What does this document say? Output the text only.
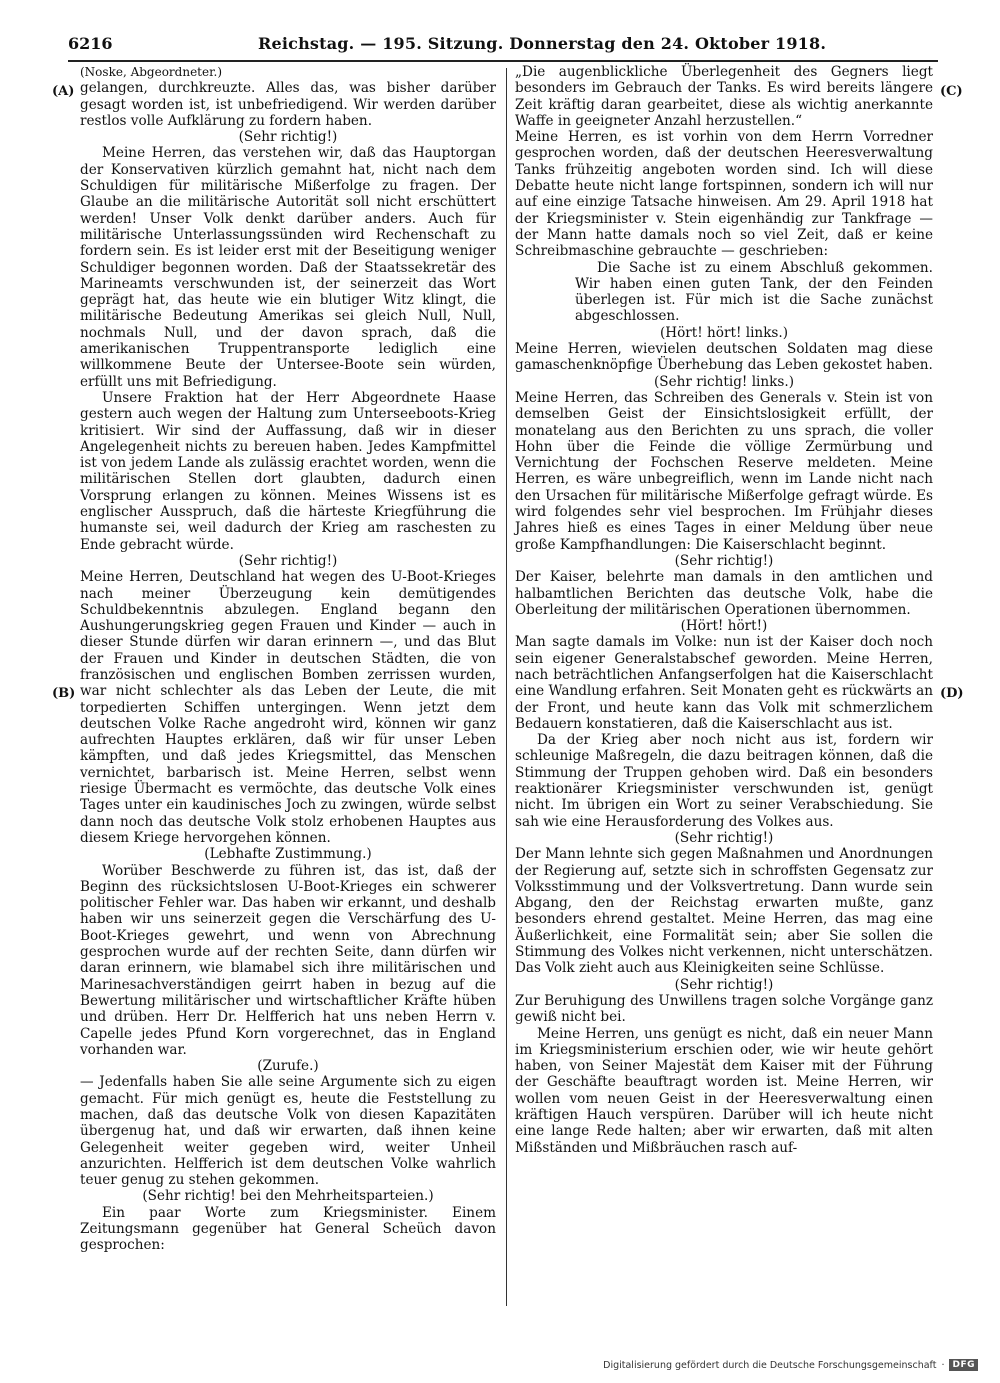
6216	Reichstag. — 195. Sitzung. Donnerstag den 24. Oktober 1918.
(A)
(B)
(C)
(D)

(Noske, Abgeordneter.)

gelangen, durchkreuzte. Alles das, was bisher darüber gesagt worden ist, ist unbefriedigend. Wir werden darüber restlos volle Aufklärung zu fordern haben.

(Sehr richtig!)

Meine Herren, das verstehen wir, daß das Hauptorgan der Konservativen kürzlich gemahnt hat, nicht nach dem Schuldigen für militärische Mißerfolge zu fragen. Der Glaube an die militärische Autorität soll nicht erschüttert werden! Unser Volk denkt darüber anders. Auch für militärische Unterlassungssünden wird Rechenschaft zu fordern sein. Es ist leider erst mit der Beseitigung weniger Schuldiger begonnen worden. Daß der Staatssekretär des Marineamts verschwunden ist, der seinerzeit das Wort geprägt hat, das heute wie ein blutiger Witz klingt, die militärische Bedeutung Amerikas sei gleich Null, Null, nochmals Null, und der davon sprach, daß die amerikanischen Truppentransporte lediglich eine willkommene Beute der Untersee-Boote sein würden, erfüllt uns mit Befriedigung.

Unsere Fraktion hat der Herr Abgeordnete Haase gestern auch wegen der Haltung zum Unterseeboots-Krieg kritisiert. Wir sind der Auffassung, daß wir in dieser Angelegenheit nichts zu bereuen haben. Jedes Kampfmittel ist von jedem Lande als zulässig erachtet worden, wenn die militärischen Stellen dort glaubten, dadurch einen Vorsprung erlangen zu können. Meines Wissens ist es englischer Ausspruch, daß die härteste Kriegführung die humanste sei, weil dadurch der Krieg am raschesten zu Ende gebracht würde.

(Sehr richtig!)

Meine Herren, Deutschland hat wegen des U-Boot-Krieges nach meiner Überzeugung kein demütigendes Schuldbekenntnis abzulegen. England begann den Aushungerungskrieg gegen Frauen und Kinder — auch in dieser Stunde dürfen wir daran erinnern —, und das Blut der Frauen und Kinder in deutschen Städten, die von französischen und englischen Bomben zerrissen wurden, war nicht schlechter als das Leben der Leute, die mit torpedierten Schiffen untergingen. Wenn jetzt dem deutschen Volke Rache angedroht wird, können wir ganz aufrechten Hauptes erklären, daß wir für unser Leben kämpften, und daß jedes Kriegsmittel, das Menschen vernichtet, barbarisch ist. Meine Herren, selbst wenn riesige Übermacht es vermöchte, das deutsche Volk eines Tages unter ein kaudinisches Joch zu zwingen, würde selbst dann noch das deutsche Volk stolz erhobenen Hauptes aus diesem Kriege hervorgehen können.

(Lebhafte Zustimmung.)

Worüber Beschwerde zu führen ist, das ist, daß der Beginn des rücksichtslosen U-Boot-Krieges ein schwerer politischer Fehler war. Das haben wir erkannt, und deshalb haben wir uns seinerzeit gegen die Verschärfung des U-Boot-Krieges gewehrt, und wenn von Abrechnung gesprochen wurde auf der rechten Seite, dann dürfen wir daran erinnern, wie blamabel sich ihre militärischen und Marinesachverständigen geirrt haben in bezug auf die Bewertung militärischer und wirtschaftlicher Kräfte hüben und drüben. Herr Dr. Helfferich hat uns neben Herrn v. Capelle jedes Pfund Korn vorgerechnet, das in England vorhanden war.

(Zurufe.)

— Jedenfalls haben Sie alle seine Argumente sich zu eigen gemacht. Für mich genügt es, heute die Feststellung zu machen, daß das deutsche Volk von diesen Kapazitäten übergenug hat, und daß wir erwarten, daß ihnen keine Gelegenheit weiter gegeben wird, weiter Unheil anzurichten. Helfferich ist dem deutschen Volke wahrlich teuer genug zu stehen gekommen.

(Sehr richtig! bei den Mehrheitsparteien.)

Ein paar Worte zum Kriegsminister. Einem Zeitungsmann gegenüber hat General Scheüch davon gesprochen:

„Die augenblickliche Überlegenheit des Gegners liegt besonders im Gebrauch der Tanks. Es wird bereits längere Zeit kräftig daran gearbeitet, diese als wichtig anerkannte Waffe in geeigneter Anzahl herzustellen.“

Meine Herren, es ist vorhin von dem Herrn Vorredner gesprochen worden, daß der deutschen Heeresverwaltung Tanks frühzeitig angeboten worden sind. Ich will diese Debatte heute nicht lange fortspinnen, sondern ich will nur auf eine einzige Tatsache hinweisen. Am 29. April 1918 hat der Kriegsminister v. Stein eigenhändig zur Tankfrage — der Mann hatte damals noch so viel Zeit, daß er keine Schreibmaschine gebrauchte — geschrieben:

Die Sache ist zu einem Abschluß gekommen. Wir haben einen guten Tank, der den Feinden überlegen ist. Für mich ist die Sache zunächst abgeschlossen.

(Hört! hört! links.)

Meine Herren, wievielen deutschen Soldaten mag diese gamaschenknöpfige Überhebung das Leben gekostet haben.

(Sehr richtig! links.)

Meine Herren, das Schreiben des Generals v. Stein ist von demselben Geist der Einsichtslosigkeit erfüllt, der monatelang aus den Berichten zu uns sprach, die voller Hohn über die Feinde die völlige Zermürbung und Vernichtung der Fochschen Reserve meldeten. Meine Herren, es wäre unbegreiflich, wenn im Lande nicht nach den Ursachen für militärische Mißerfolge gefragt würde. Es wird folgendes sehr viel besprochen. Im Frühjahr dieses Jahres hieß es eines Tages in einer Meldung über neue große Kampfhandlungen: Die Kaiserschlacht beginnt.

(Sehr richtig!)

Der Kaiser, belehrte man damals in den amtlichen und halbamtlichen Berichten das deutsche Volk, habe die Oberleitung der militärischen Operationen übernommen.

(Hört! hört!)

Man sagte damals im Volke: nun ist der Kaiser doch noch sein eigener Generalstabschef geworden. Meine Herren, nach beträchtlichen Anfangserfolgen hat die Kaiserschlacht eine Wandlung erfahren. Seit Monaten geht es rückwärts an der Front, und heute kann das Volk mit schmerzlichem Bedauern konstatieren, daß die Kaiserschlacht aus ist.

Da der Krieg aber noch nicht aus ist, fordern wir schleunige Maßregeln, die dazu beitragen können, daß die Stimmung der Truppen gehoben wird. Daß ein besonders reaktionärer Kriegsminister verschwunden ist, genügt nicht. Im übrigen ein Wort zu seiner Verabschiedung. Sie sah wie eine Herausforderung des Volkes aus.

(Sehr richtig!)

Der Mann lehnte sich gegen Maßnahmen und Anordnungen der Regierung auf, setzte sich in schroffsten Gegensatz zur Volksstimmung und der Volksvertretung. Dann wurde sein Abgang, den der Reichstag erwarten mußte, ganz besonders ehrend gestaltet. Meine Herren, das mag eine Äußerlichkeit, eine Formalität sein; aber Sie sollen die Stimmung des Volkes nicht verkennen, nicht unterschätzen. Das Volk zieht auch aus Kleinigkeiten seine Schlüsse.

(Sehr richtig!)

Zur Beruhigung des Unwillens tragen solche Vorgänge ganz gewiß nicht bei.

Meine Herren, uns genügt es nicht, daß ein neuer Mann im Kriegsministerium erschien oder, wie wir heute gehört haben, von Seiner Majestät dem Kaiser mit der Führung der Geschäfte beauftragt worden ist. Meine Herren, wir wollen vom neuen Geist in der Heeresverwaltung einen kräftigen Hauch verspüren. Darüber will ich heute nicht eine lange Rede halten; aber wir erwarten, daß mit alten Mißständen und Mißbräuchen rasch auf-

Digitalisierung gefördert durch die Deutsche Forschungsgemeinschaft · DFG
